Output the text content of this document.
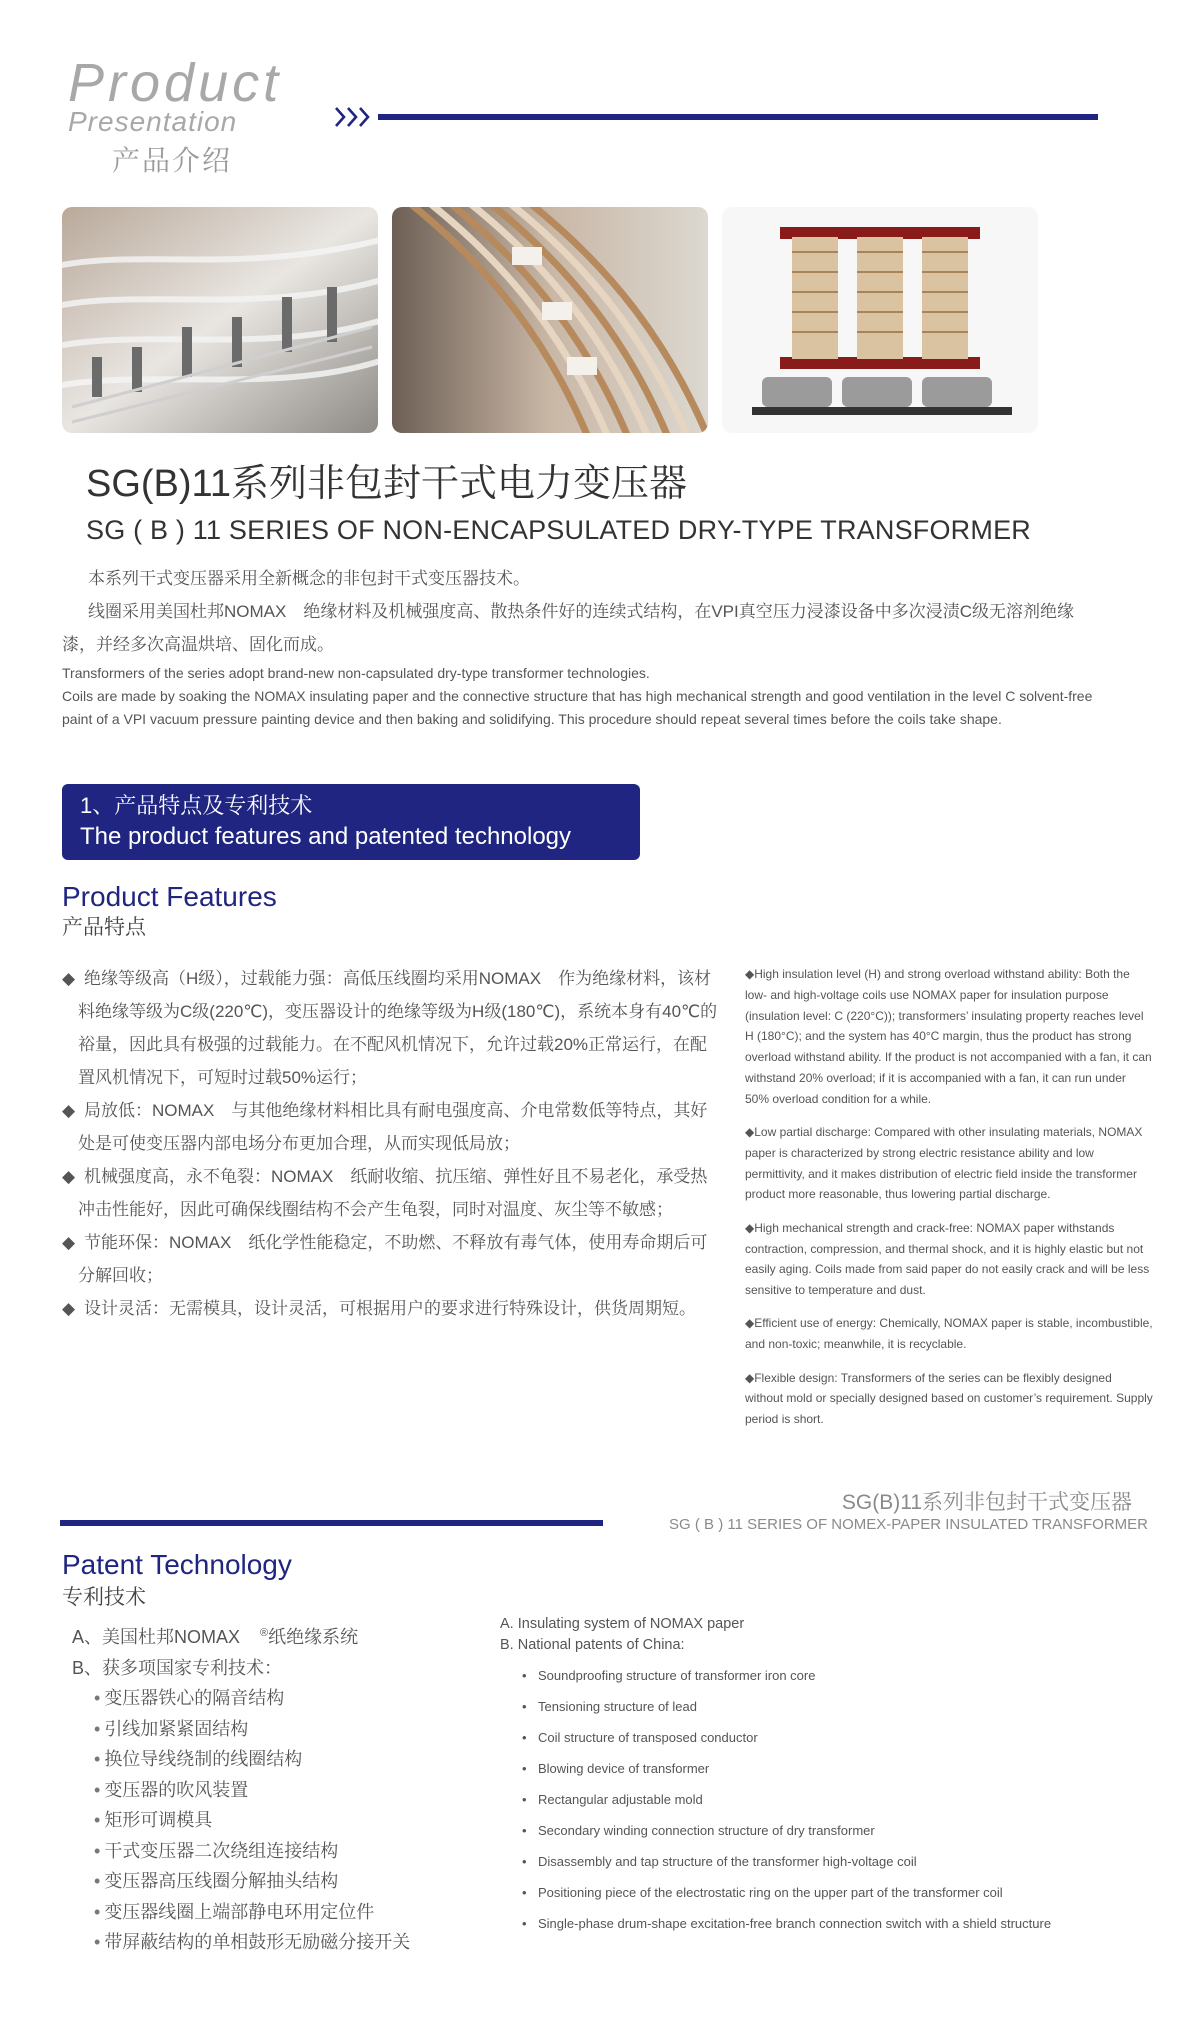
Product
Presentation
产品介绍
SG(B)11系列非包封干式电力变压器
SG ( B ) 11 SERIES OF NON-ENCAPSULATED DRY-TYPE TRANSFORMER

本系列干式变压器采用全新概念的非包封干式变压器技术。

线圈采用美国杜邦NOMAX　绝缘材料及机械强度高、散热条件好的连续式结构，在VPI真空压力浸漆设备中多次浸渍C级无溶剂绝缘漆，并经多次高温烘培、固化而成。

Transformers of the series adopt brand-new non-capsulated dry-type transformer technologies.

Coils are made by soaking the NOMAX insulating paper and the connective structure that has high mechanical strength and good ventilation in the level C solvent-free paint of a VPI vacuum pressure painting device and then baking and solidifying. This procedure should repeat several times before the coils take shape.

1、产品特点及专利技术
The product features and patented technology
Product Features
产品特点
◆ 绝缘等级高（H级），过载能力强：高低压线圈均采用NOMAX　作为绝缘材料，该材料绝缘等级为C级(220℃)，变压器设计的绝缘等级为H级(180℃)，系统本身有40℃的裕量，因此具有极强的过载能力。在不配风机情况下，允许过载20%正常运行，在配置风机情况下，可短时过载50%运行；
◆ 局放低：NOMAX　与其他绝缘材料相比具有耐电强度高、介电常数低等特点，其好处是可使变压器内部电场分布更加合理，从而实现低局放；
◆ 机械强度高，永不龟裂：NOMAX　纸耐收缩、抗压缩、弹性好且不易老化，承受热冲击性能好，因此可确保线圈结构不会产生龟裂，同时对温度、灰尘等不敏感；
◆ 节能环保：NOMAX　纸化学性能稳定，不助燃、不释放有毒气体，使用寿命期后可分解回收；
◆ 设计灵活：无需模具，设计灵活，可根据用户的要求进行特殊设计，供货周期短。

◆High insulation level (H) and strong overload withstand ability: Both the low- and high-voltage coils use NOMAX paper for insulation purpose (insulation level: C (220°C)); transformers’ insulating property reaches level H (180°C); and the system has 40°C margin, thus the product has strong overload withstand ability. If the product is not accompanied with a fan, it can withstand 20% overload; if it is accompanied with a fan, it can run under 50% overload condition for a while.

◆Low partial discharge: Compared with other insulating materials, NOMAX paper is characterized by strong electric resistance ability and low permittivity, and it makes distribution of electric field inside the transformer product more reasonable, thus lowering partial discharge.

◆High mechanical strength and crack-free: NOMAX paper withstands contraction, compression, and thermal shock, and it is highly elastic but not easily aging. Coils made from said paper do not easily crack and will be less sensitive to temperature and dust.

◆Efficient use of energy: Chemically, NOMAX paper is stable, incombustible, and non-toxic; meanwhile, it is recyclable.

◆Flexible design: Transformers of the series can be flexibly designed without mold or specially designed based on customer’s requirement. Supply period is short.

SG(B)11系列非包封干式变压器
SG ( B ) 11 SERIES OF NOMEX-PAPER INSULATED TRANSFORMER
Patent Technology
专利技术
A、美国杜邦NOMAX ®纸绝缘系统
B、获多项国家专利技术：
• 变压器铁心的隔音结构
• 引线加紧紧固结构
• 换位导线绕制的线圈结构
• 变压器的吹风装置
• 矩形可调模具
• 干式变压器二次绕组连接结构
• 变压器高压线圈分解抽头结构
• 变压器线圈上端部静电环用定位件
• 带屏蔽结构的单相鼓形无励磁分接开关
A. Insulating system of NOMAX paper
B. National patents of China:
• Soundproofing structure of transformer iron core
• Tensioning structure of lead
• Coil structure of transposed conductor
• Blowing device of transformer
• Rectangular adjustable mold
• Secondary winding connection structure of dry transformer
• Disassembly and tap structure of the transformer high-voltage coil
• Positioning piece of the electrostatic ring on the upper part of the transformer coil
• Single-phase drum-shape excitation-free branch connection switch with a shield structure
